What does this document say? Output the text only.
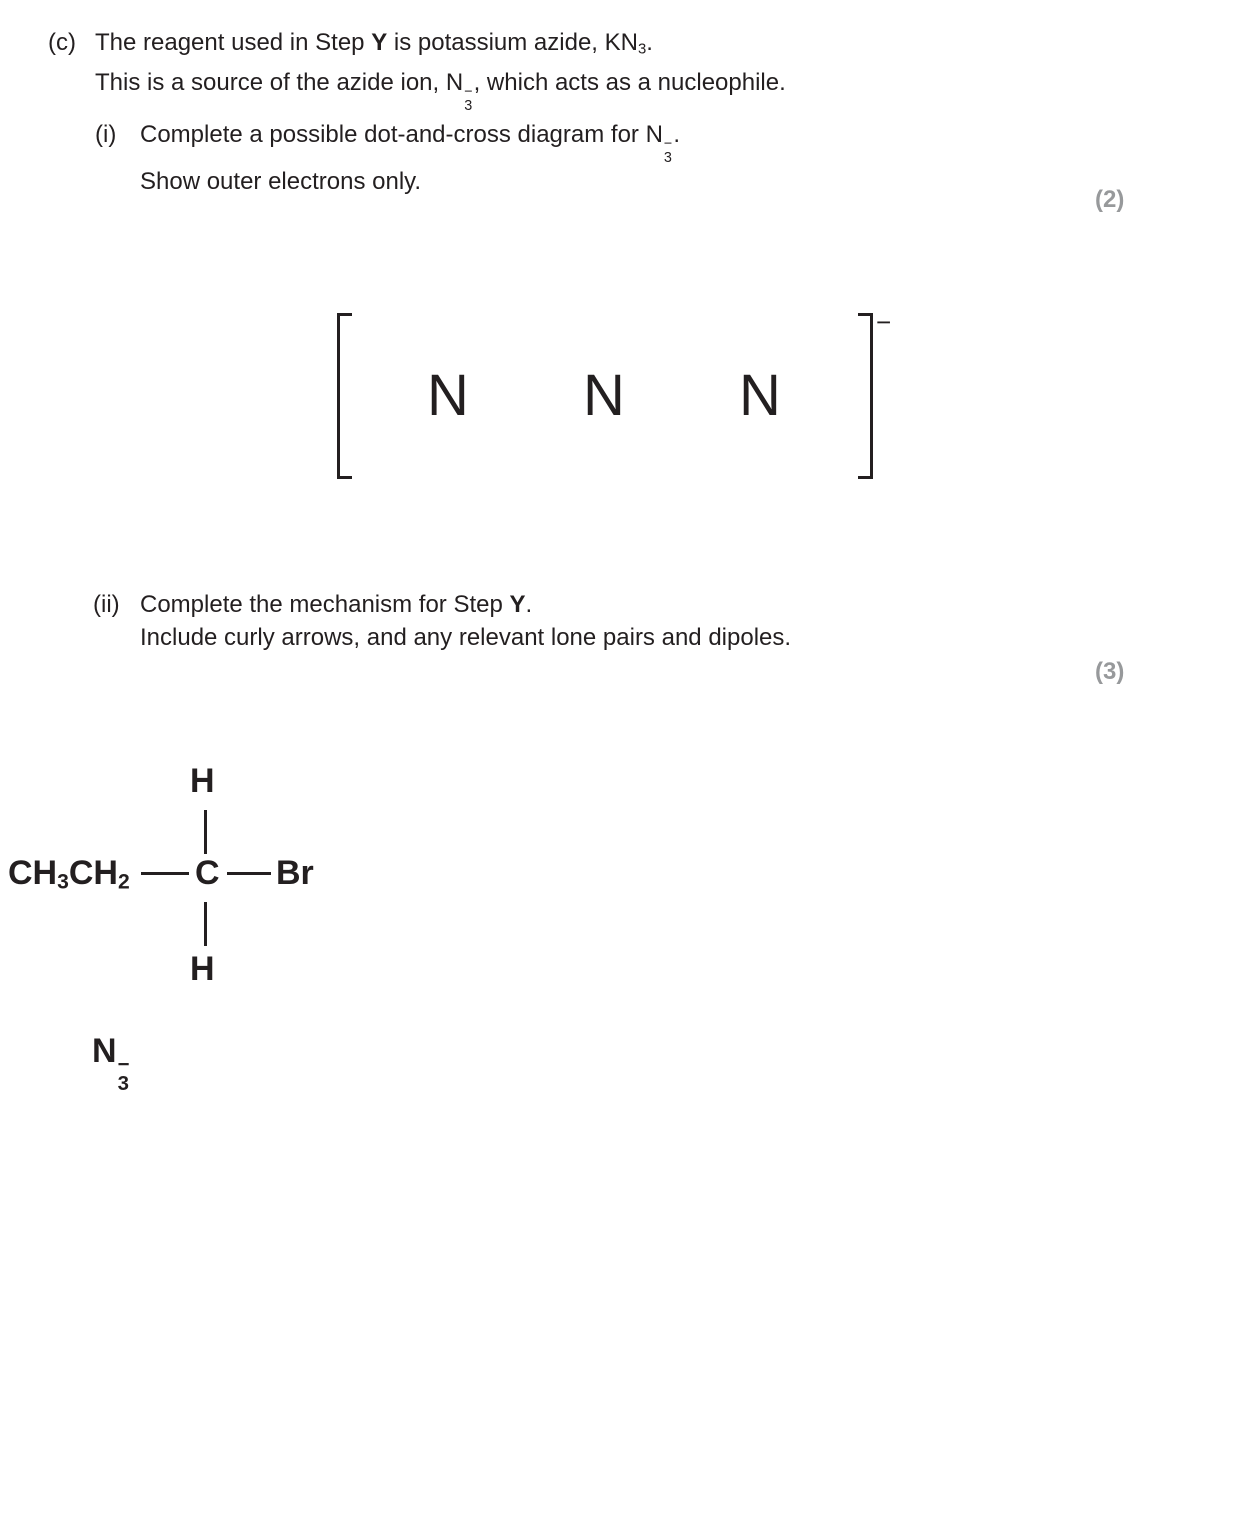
(c) The reagent used in Step Y is potassium azide, $KN_3$.
This is a source of the azide ion, N −
3
, which acts as a nucleophile.
(i) Complete a possible dot-and-cross diagram for N −
3
.
Show outer electrons only.
(2)
N N N
−
(ii) Complete the mechanism for Step Y.
Include curly arrows, and any relevant lone pairs and dipoles.
(3)
H
$CH_3CH_2$ C Br
H
N −
3
